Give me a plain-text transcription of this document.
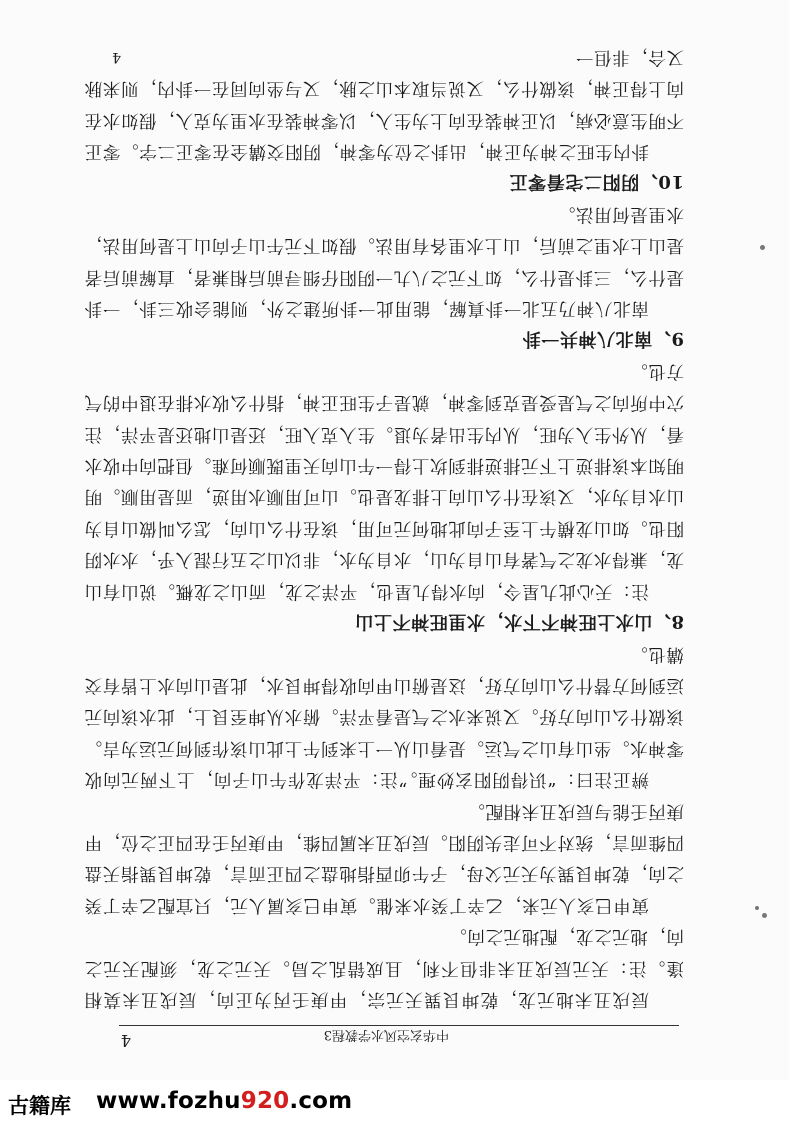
中华玄空风水学教程3
4

辰戌丑未地元龙，乾坤艮巽天元宗，甲庚壬丙为正向，辰戌丑未莫相逢。注：天元辰戌丑未非但不利，且成错乱之局。天元之龙，须配天元之向，地元之龙，配地元之向。

寅申巳亥人元来，乙辛丁癸水来催。寅申巳亥属人元，只宜配乙辛丁癸之向，乾坤艮巽为天元父母，子午卯酉指地盘之四正而言，乾坤艮巽指天盘四维而言，统对不可走失阴阳。辰戌丑未属四维，甲庚丙壬在四正之位，甲庚丙壬能与辰戌丑未相配。

辨正注曰：“识得阴阳玄妙理。”注：平洋龙作午山子向，上下两元向收零神水。坐山有山之气运。是看山从一上来到午上此山该作到何元运为吉。该做什么山向方好。又说来水之气是看平洋。俯水从坤至艮上，此水该向元运到何方替什么山向方好，这是俯山甲向收得坤艮水，此是山向水上皆有交媾也。

8、山水上旺神不下水，水里旺神不上山

注：天心此九星令，向水得九星也，平洋之龙，而山之龙概。说山有山龙，兼得水龙之气著有山自为山，水自为水，非以山之五行混入乎，水水阴阳也。如山龙横午上至子向此地何元可用，该在什么山向，怎么叫做山自为山水自为水，又该在什么山向上排龙是也。山可用顺水用逆，而是用顺。明明知本该排逆上下元排逆排到坎上得一午山向天里既顺何难。但把向中收水看，从外生入为旺，从内生出者为退。生入克入旺，还是山地还是平洋，注穴中所向之气是受是克到零神，就是子生旺正神，指什么收水排在退中的气方也。

9、南北八神共一卦

南北八神乃五北一卦真解，能用此一卦所建之外，则能会收三卦，一卦是什么，三卦是什么，如下元之八九一阴阳仔细寻前后相兼者，直解前后者是山上水里之前后，山上水里各有用法。假如下元午山子向山上是何用法，水里是何用法。

10、阴阳二宅看零正

卦内生旺之神为正神，出卦之位为零神，阴阳交媾全在零正二字。零正不明生意必病，以正神装在向上为生入，以零神装在水里为克入，假如水在向上得正神，该做什么，又说当取本山之脉，又与坐向同在一卦内，则来脉又合，非但一

4
古籍库 www.fozhu920.com
